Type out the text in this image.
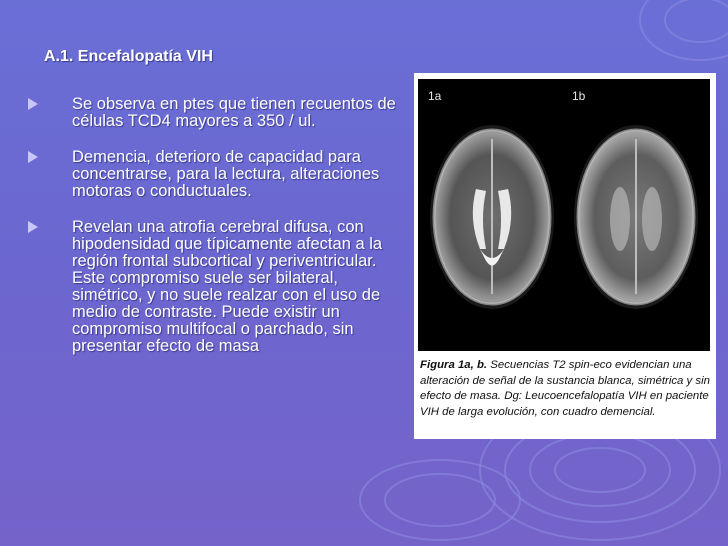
A.1. Encefalopatía VIH
Se observa en ptes que tienen recuentos de células TCD4 mayores a 350 / ul.
Demencia, deterioro de capacidad para concentrarse, para la lectura, alteraciones motoras o conductuales.
Revelan una atrofia cerebral difusa, con hipodensidad que típicamente afectan a la región frontal subcortical y periventricular. Este compromiso suele ser bilateral, simétrico, y no suele realzar con el uso de medio de contraste. Puede existir un compromiso multifocal o parchado, sin presentar efecto de masa
1a	1b
Figura 1a, b. Secuencias T2 spin-eco evidencian una alteración de señal de la sustancia blanca, simétrica y sin efecto de masa. Dg: Leucoencefalopatía VIH en paciente VIH de larga evolución, con cuadro demencial.
